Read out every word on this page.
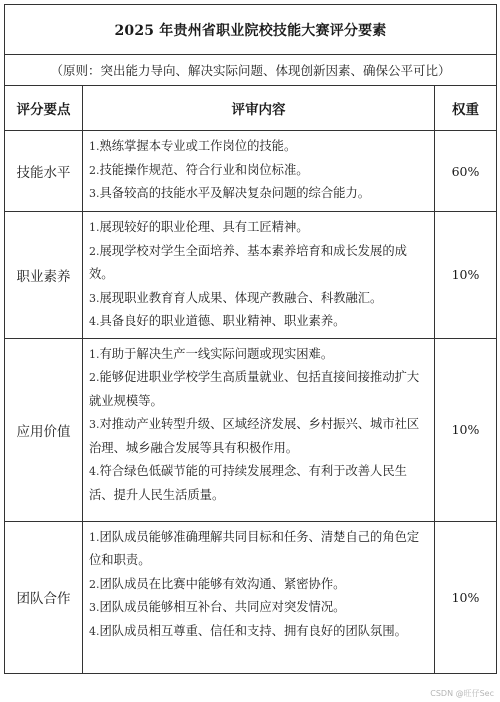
2025 年贵州省职业院校技能大赛评分要素		
（原则：突出能力导向、解决实际问题、体现创新因素、确保公平可比）		
评分要点	评审内容	权重
技能水平	1.熟练掌握本专业或工作岗位的技能。

2.技能操作规范、符合行业和岗位标准。

3.具备较高的技能水平及解决复杂问题的综合能力。	60%
职业素养	1.展现较好的职业伦理、具有工匠精神。

2.展现学校对学生全面培养、基本素养培育和成长发展的成效。

3.展现职业教育育人成果、体现产教融合、科教融汇。

4.具备良好的职业道德、职业精神、职业素养。	10%
应用价值	1.有助于解决生产一线实际问题或现实困难。

2.能够促进职业学校学生高质量就业、包括直接间接推动扩大就业规模等。

3.对推动产业转型升级、区域经济发展、乡村振兴、城市社区治理、城乡融合发展等具有积极作用。

4.符合绿色低碳节能的可持续发展理念、有利于改善人民生活、提升人民生活质量。	10%
团队合作	1.团队成员能够准确理解共同目标和任务、清楚自己的角色定位和职责。

2.团队成员在比赛中能够有效沟通、紧密协作。

3.团队成员能够相互补台、共同应对突发情况。

4.团队成员相互尊重、信任和支持、拥有良好的团队氛围。	10%
CSDN @旺仔Sec
